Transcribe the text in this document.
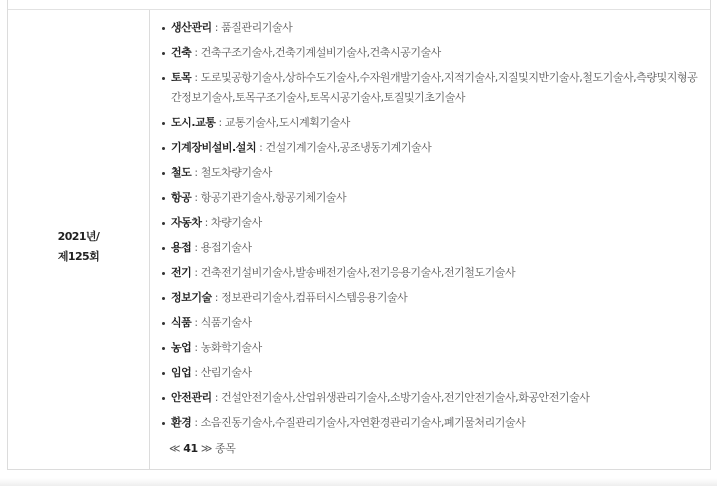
2021년/
제125회
생산관리 : 품질관리기술사
건축 : 건축구조기술사,건축기계설비기술사,건축시공기술사
토목 : 도로및공항기술사,상하수도기술사,수자원개발기술사,지적기술사,지질및지반기술사,철도기술사,측량및지형공간정보기술사,토목구조기술사,토목시공기술사,토질및기초기술사
도시.교통 : 교통기술사,도시계획기술사
기계장비설비.설치 : 건설기계기술사,공조냉동기계기술사
철도 : 철도차량기술사
항공 : 항공기관기술사,항공기체기술사
자동차 : 차량기술사
용접 : 용접기술사
전기 : 건축전기설비기술사,발송배전기술사,전기응용기술사,전기철도기술사
정보기술 : 정보관리기술사,컴퓨터시스템응용기술사
식품 : 식품기술사
농업 : 농화학기술사
임업 : 산림기술사
안전관리 : 건설안전기술사,산업위생관리기술사,소방기술사,전기안전기술사,화공안전기술사
환경 : 소음진동기술사,수질관리기술사,자연환경관리기술사,폐기물처리기술사
≪ 41 ≫ 종목
